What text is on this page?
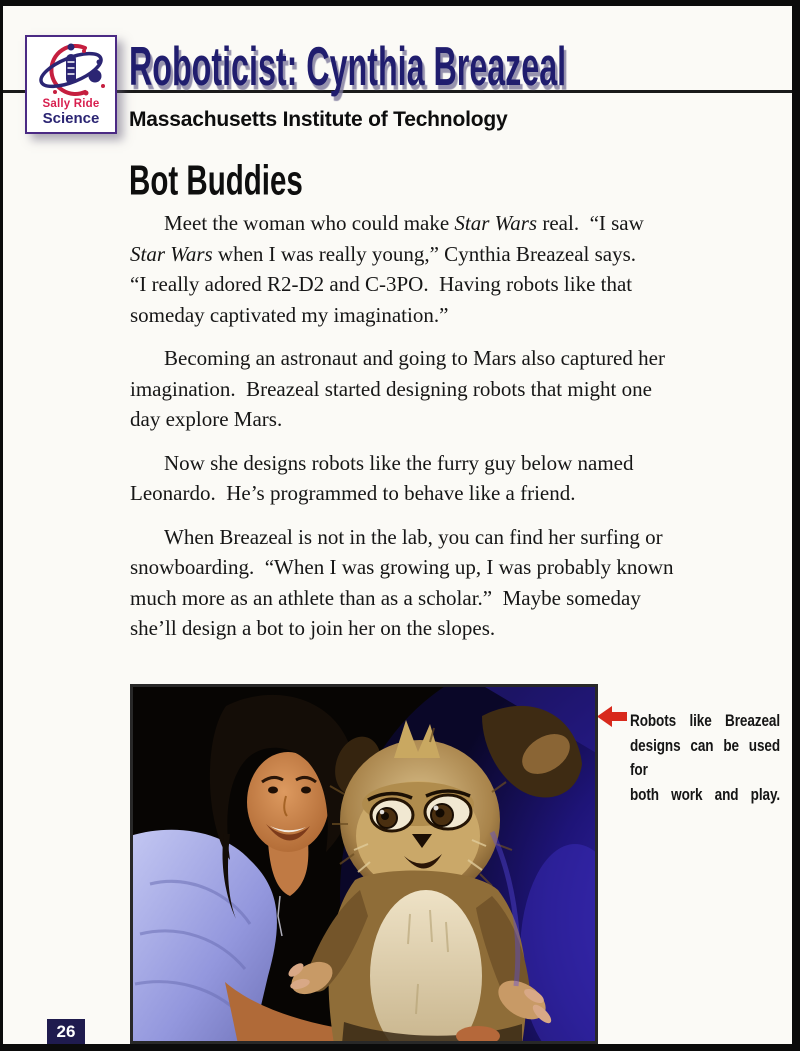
Sally Ride
Science
Roboticist: Cynthia Breazeal
Massachusetts Institute of Technology
Bot Buddies
Meet the woman who could make Star Wars real.  “I saw
Star Wars when I was really young,” Cynthia Breazeal says.
“I really adored R2-D2 and C-3PO.  Having robots like that
someday captivated my imagination.”
Becoming an astronaut and going to Mars also captured her
imagination.  Breazeal started designing robots that might one
day explore Mars.
Now she designs robots like the furry guy below named
Leonardo.  He’s programmed to behave like a friend.
When Breazeal is not in the lab, you can find her surfing or
snowboarding.  “When I was growing up, I was probably known
much more as an athlete than as a scholar.”  Maybe someday
she’ll design a bot to join her on the slopes.
Robots like Breazeal
designs can be used for
both work and play.
26
